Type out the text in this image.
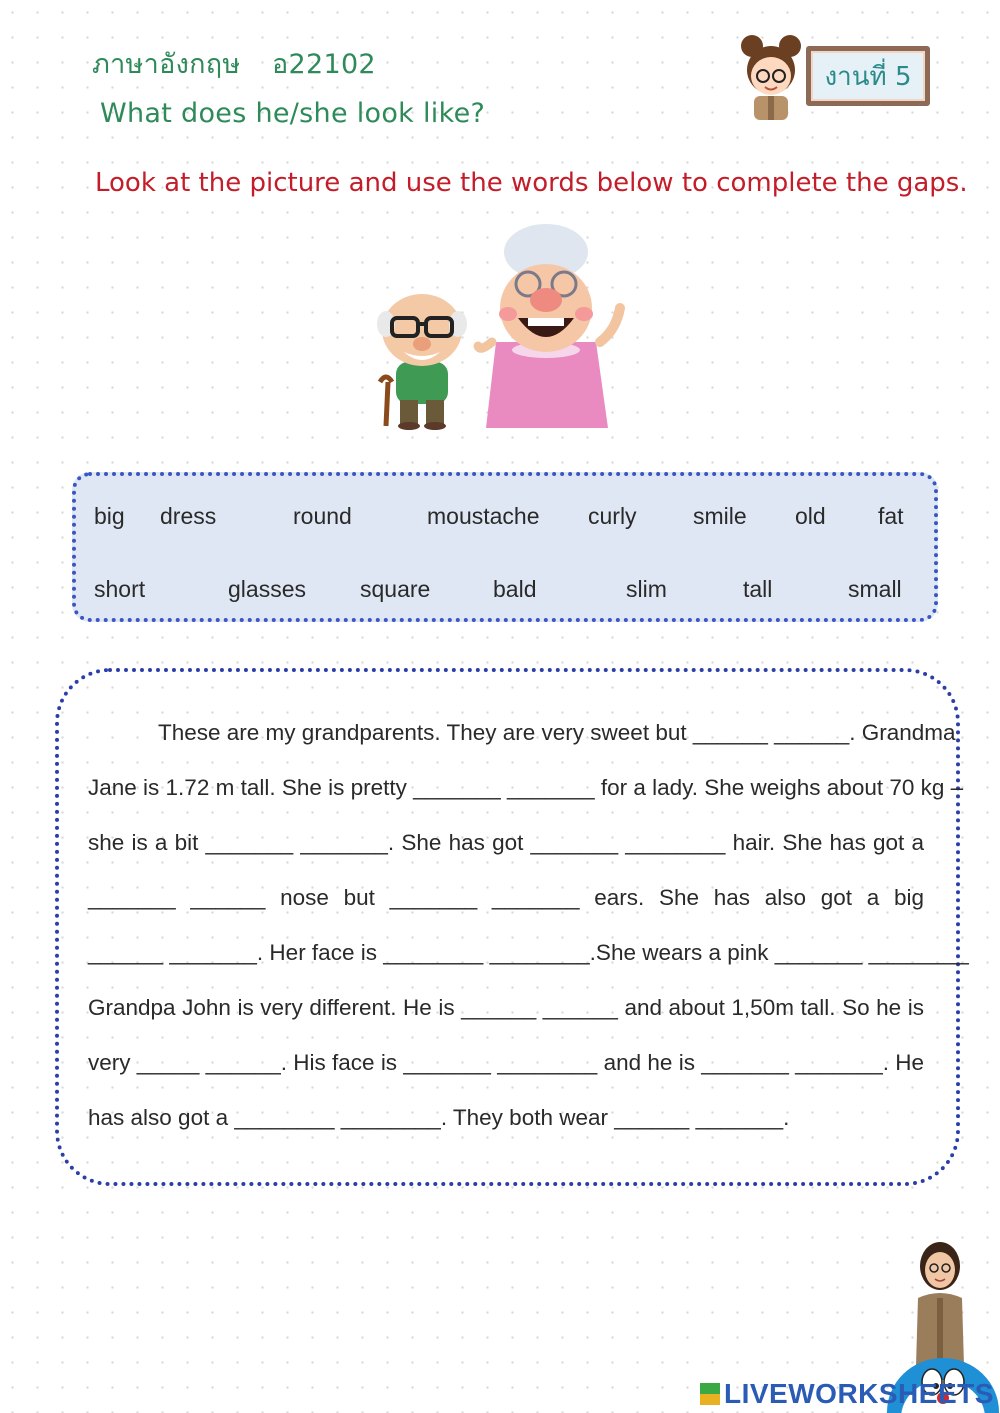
ภาษาอังกฤษ อ22102
What does he/she look like?
งานที่ 5
Look at the picture and use the words below to complete the gaps.
big dress	round	moustache curly smile old fat
short	glasses square	bald	slim	tall	small
These are my grandparents. They are very sweet but ______ ______. Grandma
Jane is 1.72 m tall. She is pretty _______ _______ for a lady. She weighs about 70 kg –
she is a bit _______ _______. She has got _______ ________ hair. She has got a
_______ ______ nose but _______ _______ ears. She has also got a big
______ _______. Her face is ________ ________.She wears a pink _______ ________
Grandpa John is very different. He is ______ ______ and about 1,50m tall. So he is
very _____ ______. His face is _______ ________ and he is _______ _______. He
has also got a ________ ________. They both wear ______ _______.
LIVEWORKSHEETS
